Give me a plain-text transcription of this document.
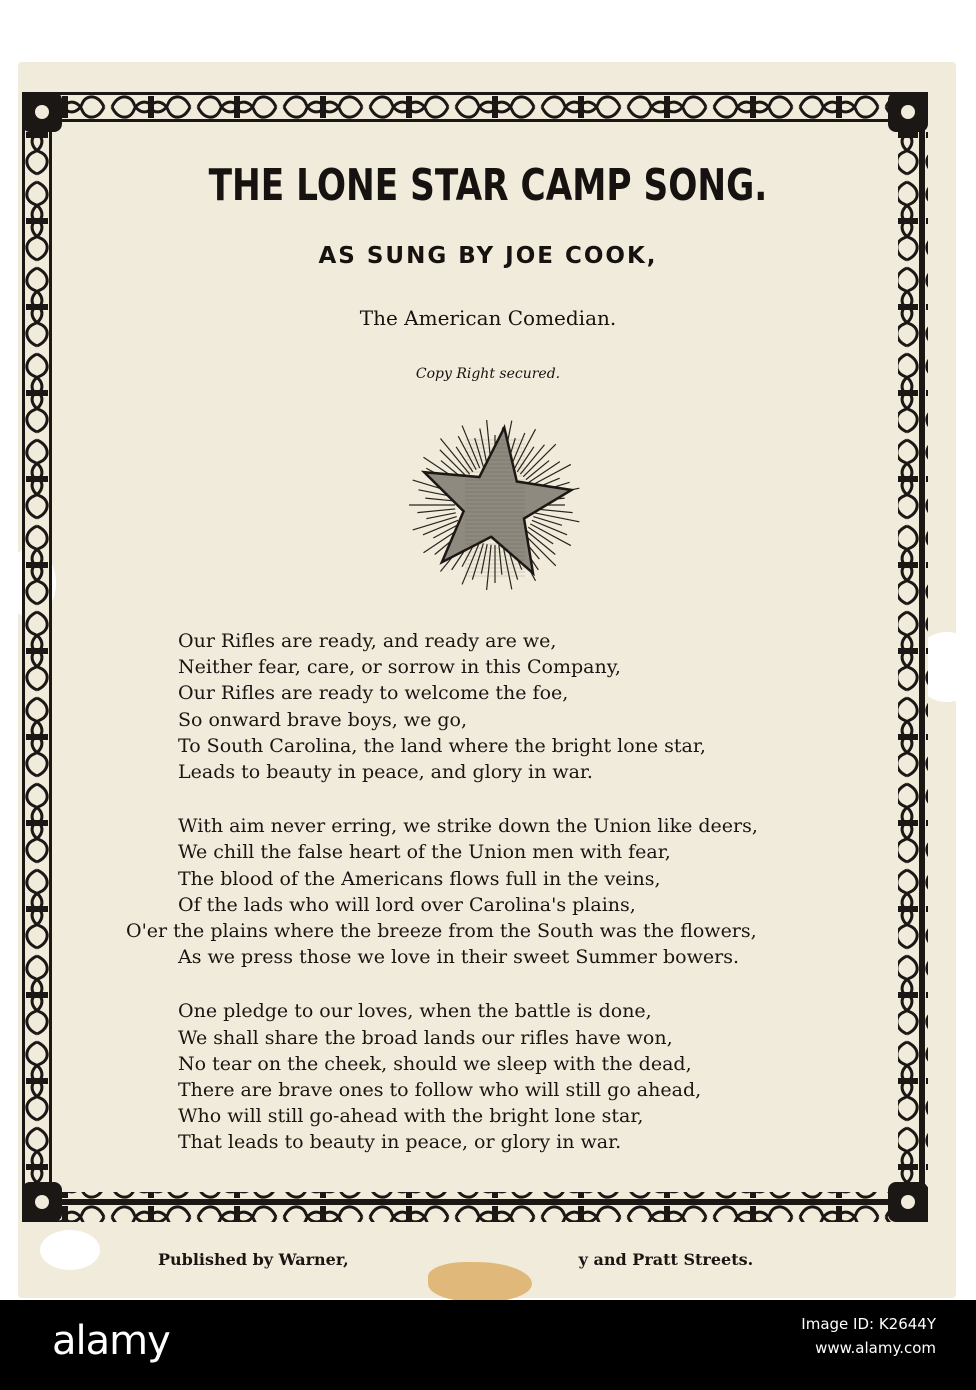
THE LONE STAR CAMP SONG.
AS SUNG BY JOE COOK,
The American Comedian.
Copy Right secured.
Our Rifles are ready, and ready are we,
Neither fear, care, or sorrow in this Company,
Our Rifles are ready to welcome the foe,
So onward brave boys, we go,
To South Carolina, the land where the bright lone star,
Leads to beauty in peace, and glory in war.
With aim never erring, we strike down the Union like deers,
We chill the false heart of the Union men with fear,
The blood of the Americans flows full in the veins,
Of the lads who will lord over Carolina's plains,
O'er the plains where the breeze from the South was the flowers,
As we press those we love in their sweet Summer bowers.
One pledge to our loves, when the battle is done,
We shall share the broad lands our rifles have won,
No tear on the cheek, should we sleep with the dead,
There are brave ones to follow who will still go ahead,
Who will still go-ahead with the bright lone star,
That leads to beauty in peace, or glory in war.
Published by Warner,	y and Pratt Streets.
alamy	Image ID: K2644Y
www.alamy.com
